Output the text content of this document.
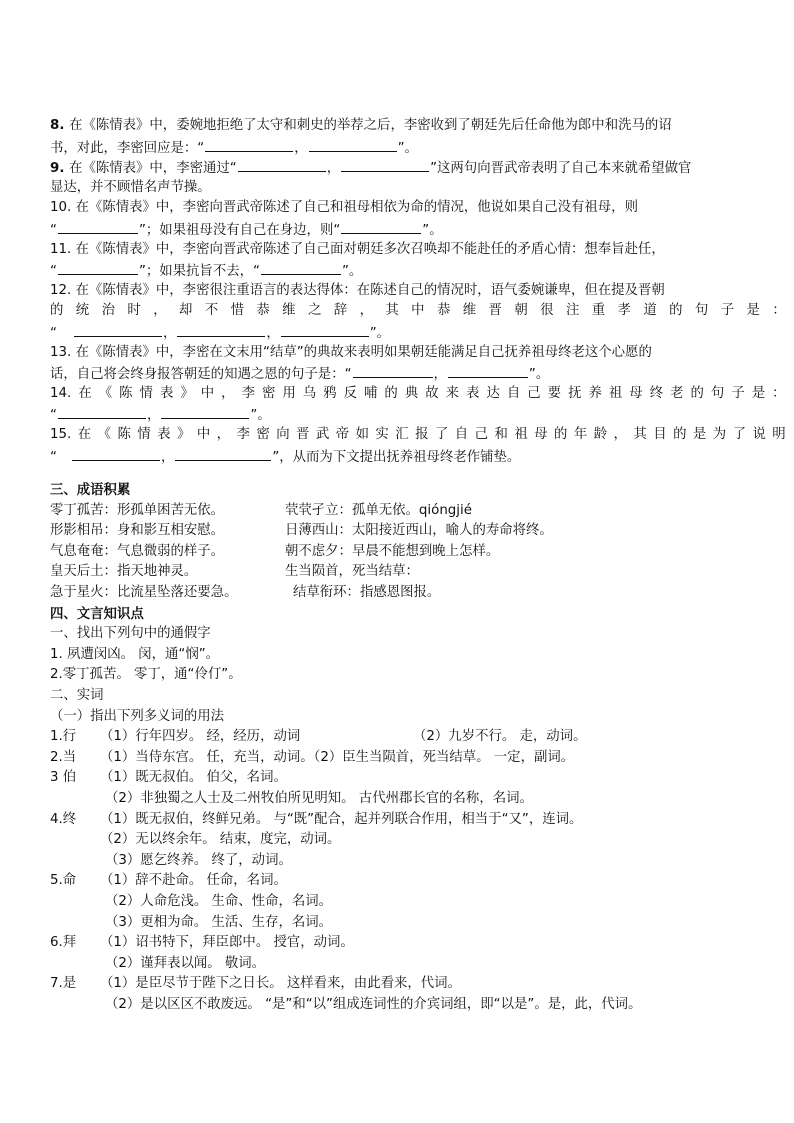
8. 在《陈情表》中，委婉地拒绝了太守和刺史的举荐之后，李密收到了朝廷先后任命他为郎中和洗马的诏
书，对此，李密回应是：“	，	”。
9. 在《陈情表》中，李密通过“	，	”这两句向晋武帝表明了自己本来就希望做官
显达，并不顾惜名声节操。
10. 在《陈情表》中，李密向晋武帝陈述了自己和祖母相依为命的情况，他说如果自己没有祖母，则
“	”；如果祖母没有自己在身边，则“	”。
11. 在《陈情表》中，李密向晋武帝陈述了自己面对朝廷多次召唤却不能赴任的矛盾心情：想奉旨赴任，
“	”；如果抗旨不去，“	”。
12. 在《陈情表》中，李密很注重语言的表达得体：在陈述自己的情况时，语气委婉谦卑，但在提及晋朝
的 统 治 时 ， 却 不 惜 恭 维 之 辞 ， 其 中 恭 维 晋 朝 很 注 重 孝 道 的 句 子 是 ：
“	，	，	”。
13. 在《陈情表》中，李密在文末用“结草”的典故来表明如果朝廷能满足自己抚养祖母终老这个心愿的
话，自己将会终身报答朝廷的知遇之恩的句子是：“	，	”。
14. 在 《 陈 情 表 》 中 ， 李 密 用 乌 鸦 反 哺 的 典 故 来 表 达 自 己 要 抚 养 祖 母 终 老 的 句 子 是 ：
“	，	”。
15. 在 《 陈 情 表 》 中 ， 李 密 向 晋 武 帝 如 实 汇 报 了 自 己 和 祖 母 的 年 龄 ， 其 目 的 是 为 了 说 明
“	，	”，从而为下文提出抚养祖母终老作铺垫。
三、成语积累
零丁孤苦：形孤单困苦无依。	茕茕孑立：孤单无依。qióngjié
形影相吊：身和影互相安慰。	日薄西山：太阳接近西山，喻人的寿命将终。
气息奄奄：气息微弱的样子。	朝不虑夕：早晨不能想到晚上怎样。
皇天后土：指天地神灵。	生当陨首，死当结草：
急于星火：比流星坠落还要急。	结草衔环：指感恩图报。
四、文言知识点
一、找出下列句中的通假字
1. 夙遭闵凶。 闵，通“悯”。
2.零丁孤苦。 零丁，通“伶仃”。
二、实词
（一）指出下列多义词的用法
1.行 （1）行年四岁。 经，经历，动词	（2）九岁不行。 走，动词。
2.当 （1）当侍东宫。 任，充当，动词。（2）臣生当陨首，死当结草。 一定，副词。
3 伯 （1）既无叔伯。 伯父，名词。
（2）非独蜀之人士及二州牧伯所见明知。 古代州郡长官的名称，名词。
4.终 （1）既无叔伯，终鲜兄弟。 与“既”配合，起并列联合作用，相当于“又”，连词。
（2）无以终余年。 结束，度完，动词。
（3）愿乞终养。 终了，动词。
5.命 （1）辞不赴命。 任命，名词。
（2）人命危浅。 生命、性命，名词。
（3）更相为命。 生活、生存，名词。
6.拜 （1）诏书特下，拜臣郎中。 授官，动词。
（2）谨拜表以闻。 敬词。
7.是 （1）是臣尽节于陛下之日长。 这样看来，由此看来，代词。
（2）是以区区不敢废远。 “是”和“以”组成连词性的介宾词组，即“以是”。是，此，代词。
